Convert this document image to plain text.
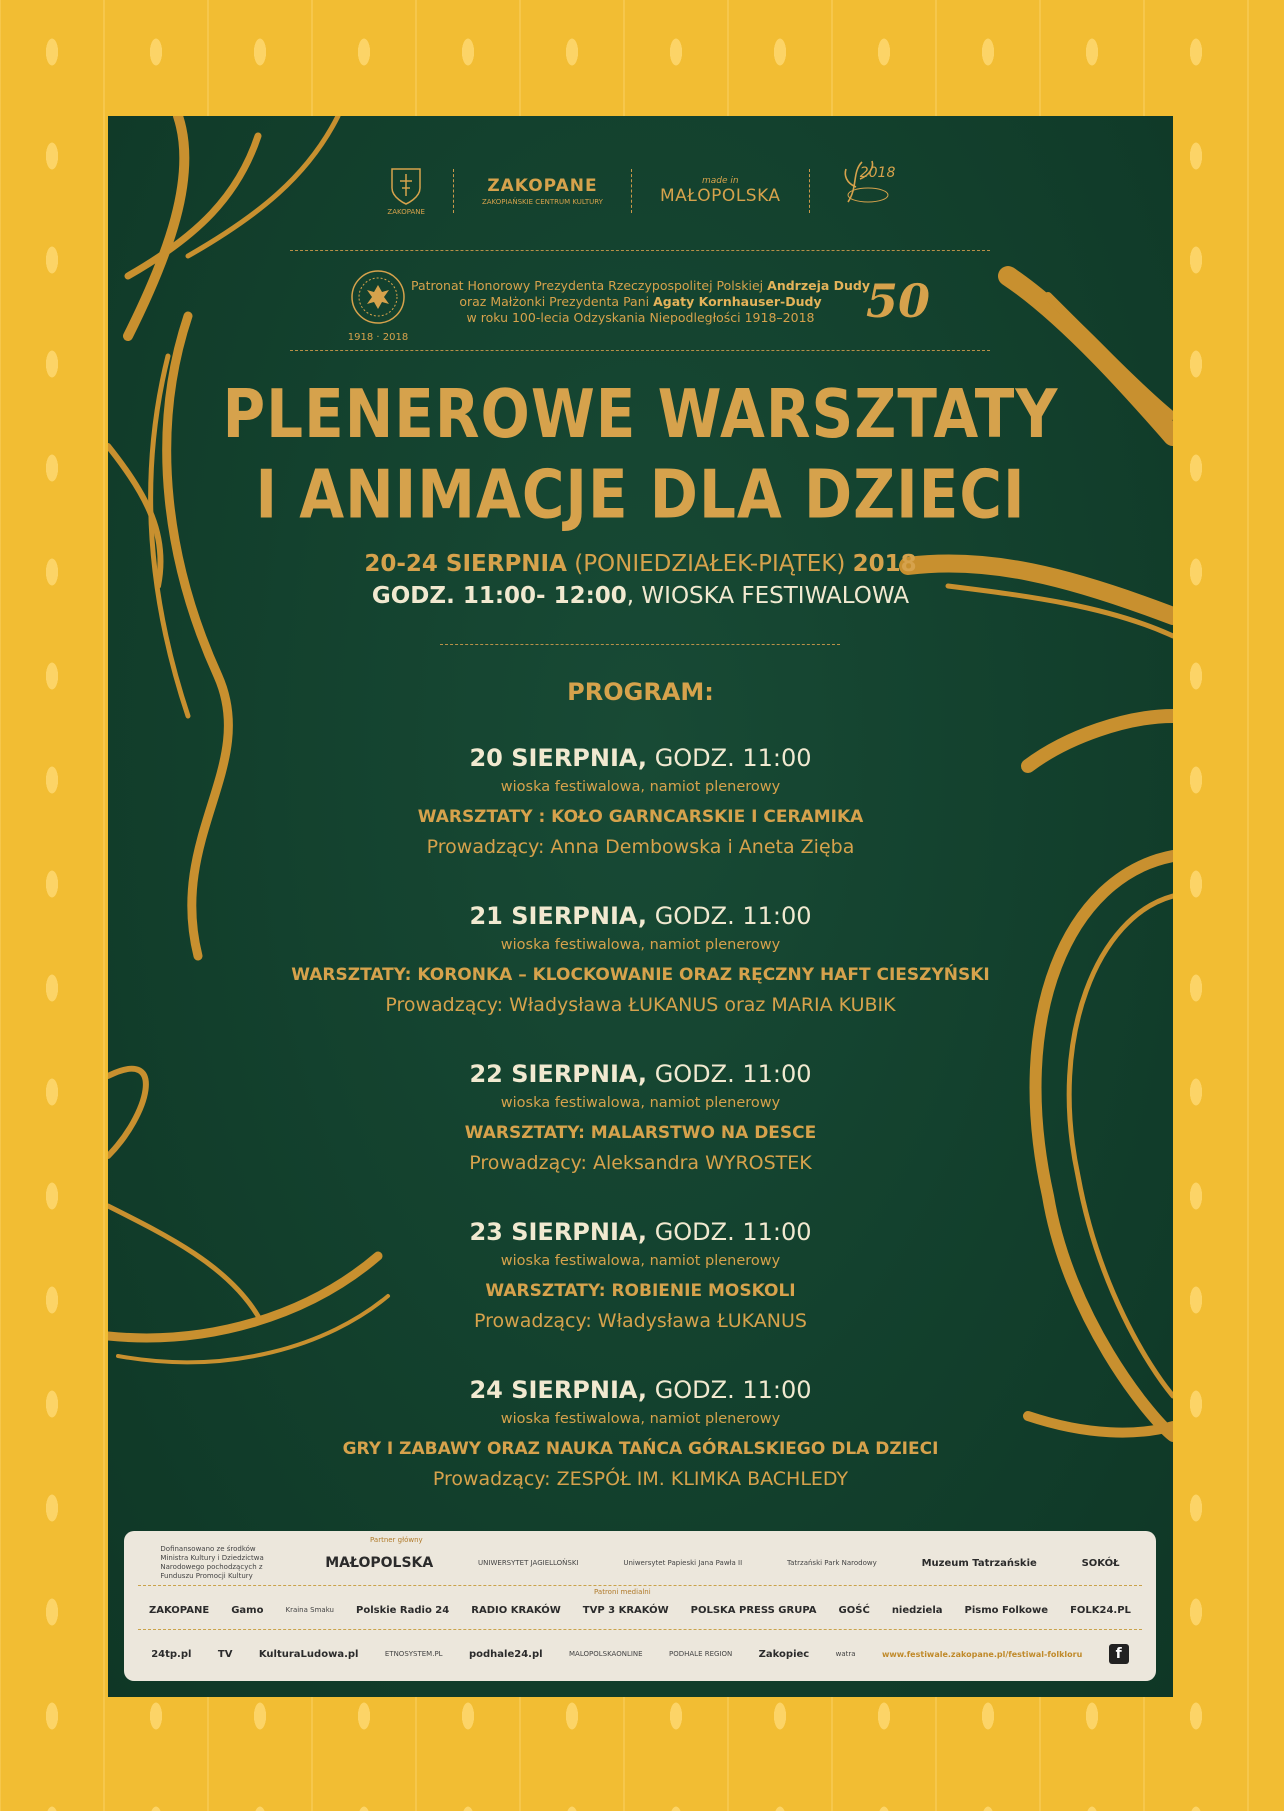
ZAKOPANE
ZAKOPANE
ZAKOPIAŃSKIE CENTRUM KULTURY
made in
MAŁOPOLSKA
2018
1918 · 2018
Patronat Honorowy Prezydenta Rzeczypospolitej Polskiej Andrzeja Dudy
oraz Małżonki Prezydenta Pani Agaty Kornhauser-Dudy
w roku 100-lecia Odzyskania Niepodległości 1918–2018	50
PLENEROWE WARSZTATY
I ANIMACJE DLA DZIECI
20-24 SIERPNIA (PONIEDZIAŁEK-PIĄTEK) 2018
GODZ. 11:00- 12:00, WIOSKA FESTIWALOWA
PROGRAM:
20 SIERPNIA, GODZ. 11:00
wioska festiwalowa, namiot plenerowy
WARSZTATY : KOŁO GARNCARSKIE I CERAMIKA
Prowadzący: Anna Dembowska i Aneta Zięba
21 SIERPNIA, GODZ. 11:00
wioska festiwalowa, namiot plenerowy
WARSZTATY: KORONKA – KLOCKOWANIE ORAZ RĘCZNY HAFT CIESZYŃSKI
Prowadzący: Władysława ŁUKANUS oraz MARIA KUBIK
22 SIERPNIA, GODZ. 11:00
wioska festiwalowa, namiot plenerowy
WARSZTATY: MALARSTWO NA DESCE
Prowadzący: Aleksandra WYROSTEK
23 SIERPNIA, GODZ. 11:00
wioska festiwalowa, namiot plenerowy
WARSZTATY: ROBIENIE MOSKOLI
Prowadzący: Władysława ŁUKANUS
24 SIERPNIA, GODZ. 11:00
wioska festiwalowa, namiot plenerowy
GRY I ZABAWY ORAZ NAUKA TAŃCA GÓRALSKIEGO DLA DZIECI
Prowadzący: ZESPÓŁ IM. KLIMKA BACHLEDY
Partner główny
Dofinansowano ze środków Ministra Kultury i Dziedzictwa Narodowego pochodzących z Funduszu Promocji Kultury
MAŁOPOLSKA	UNIWERSYTET JAGIELLOŃSKI	Uniwersytet Papieski Jana Pawła II	Tatrzański Park Narodowy	Muzeum Tatrzańskie	SOKÓŁ
Patroni medialni
ZAKOPANE Gamo	Kraina Smaku Polskie Radio 24 RADIO KRAKÓW TVP 3 KRAKÓW POLSKA PRESS GRUPA GOŚĆ niedziela Pismo Folkowe FOLK24.PL
24tp.pl	TV	KulturaLudowa.pl	ETNOSYSTEM.PL	podhale24.pl	MALOPOLSKAONLINE	PODHALE REGION	Zakopiec	watra	www.festiwale.zakopane.pl/festiwal-folkloru	f
